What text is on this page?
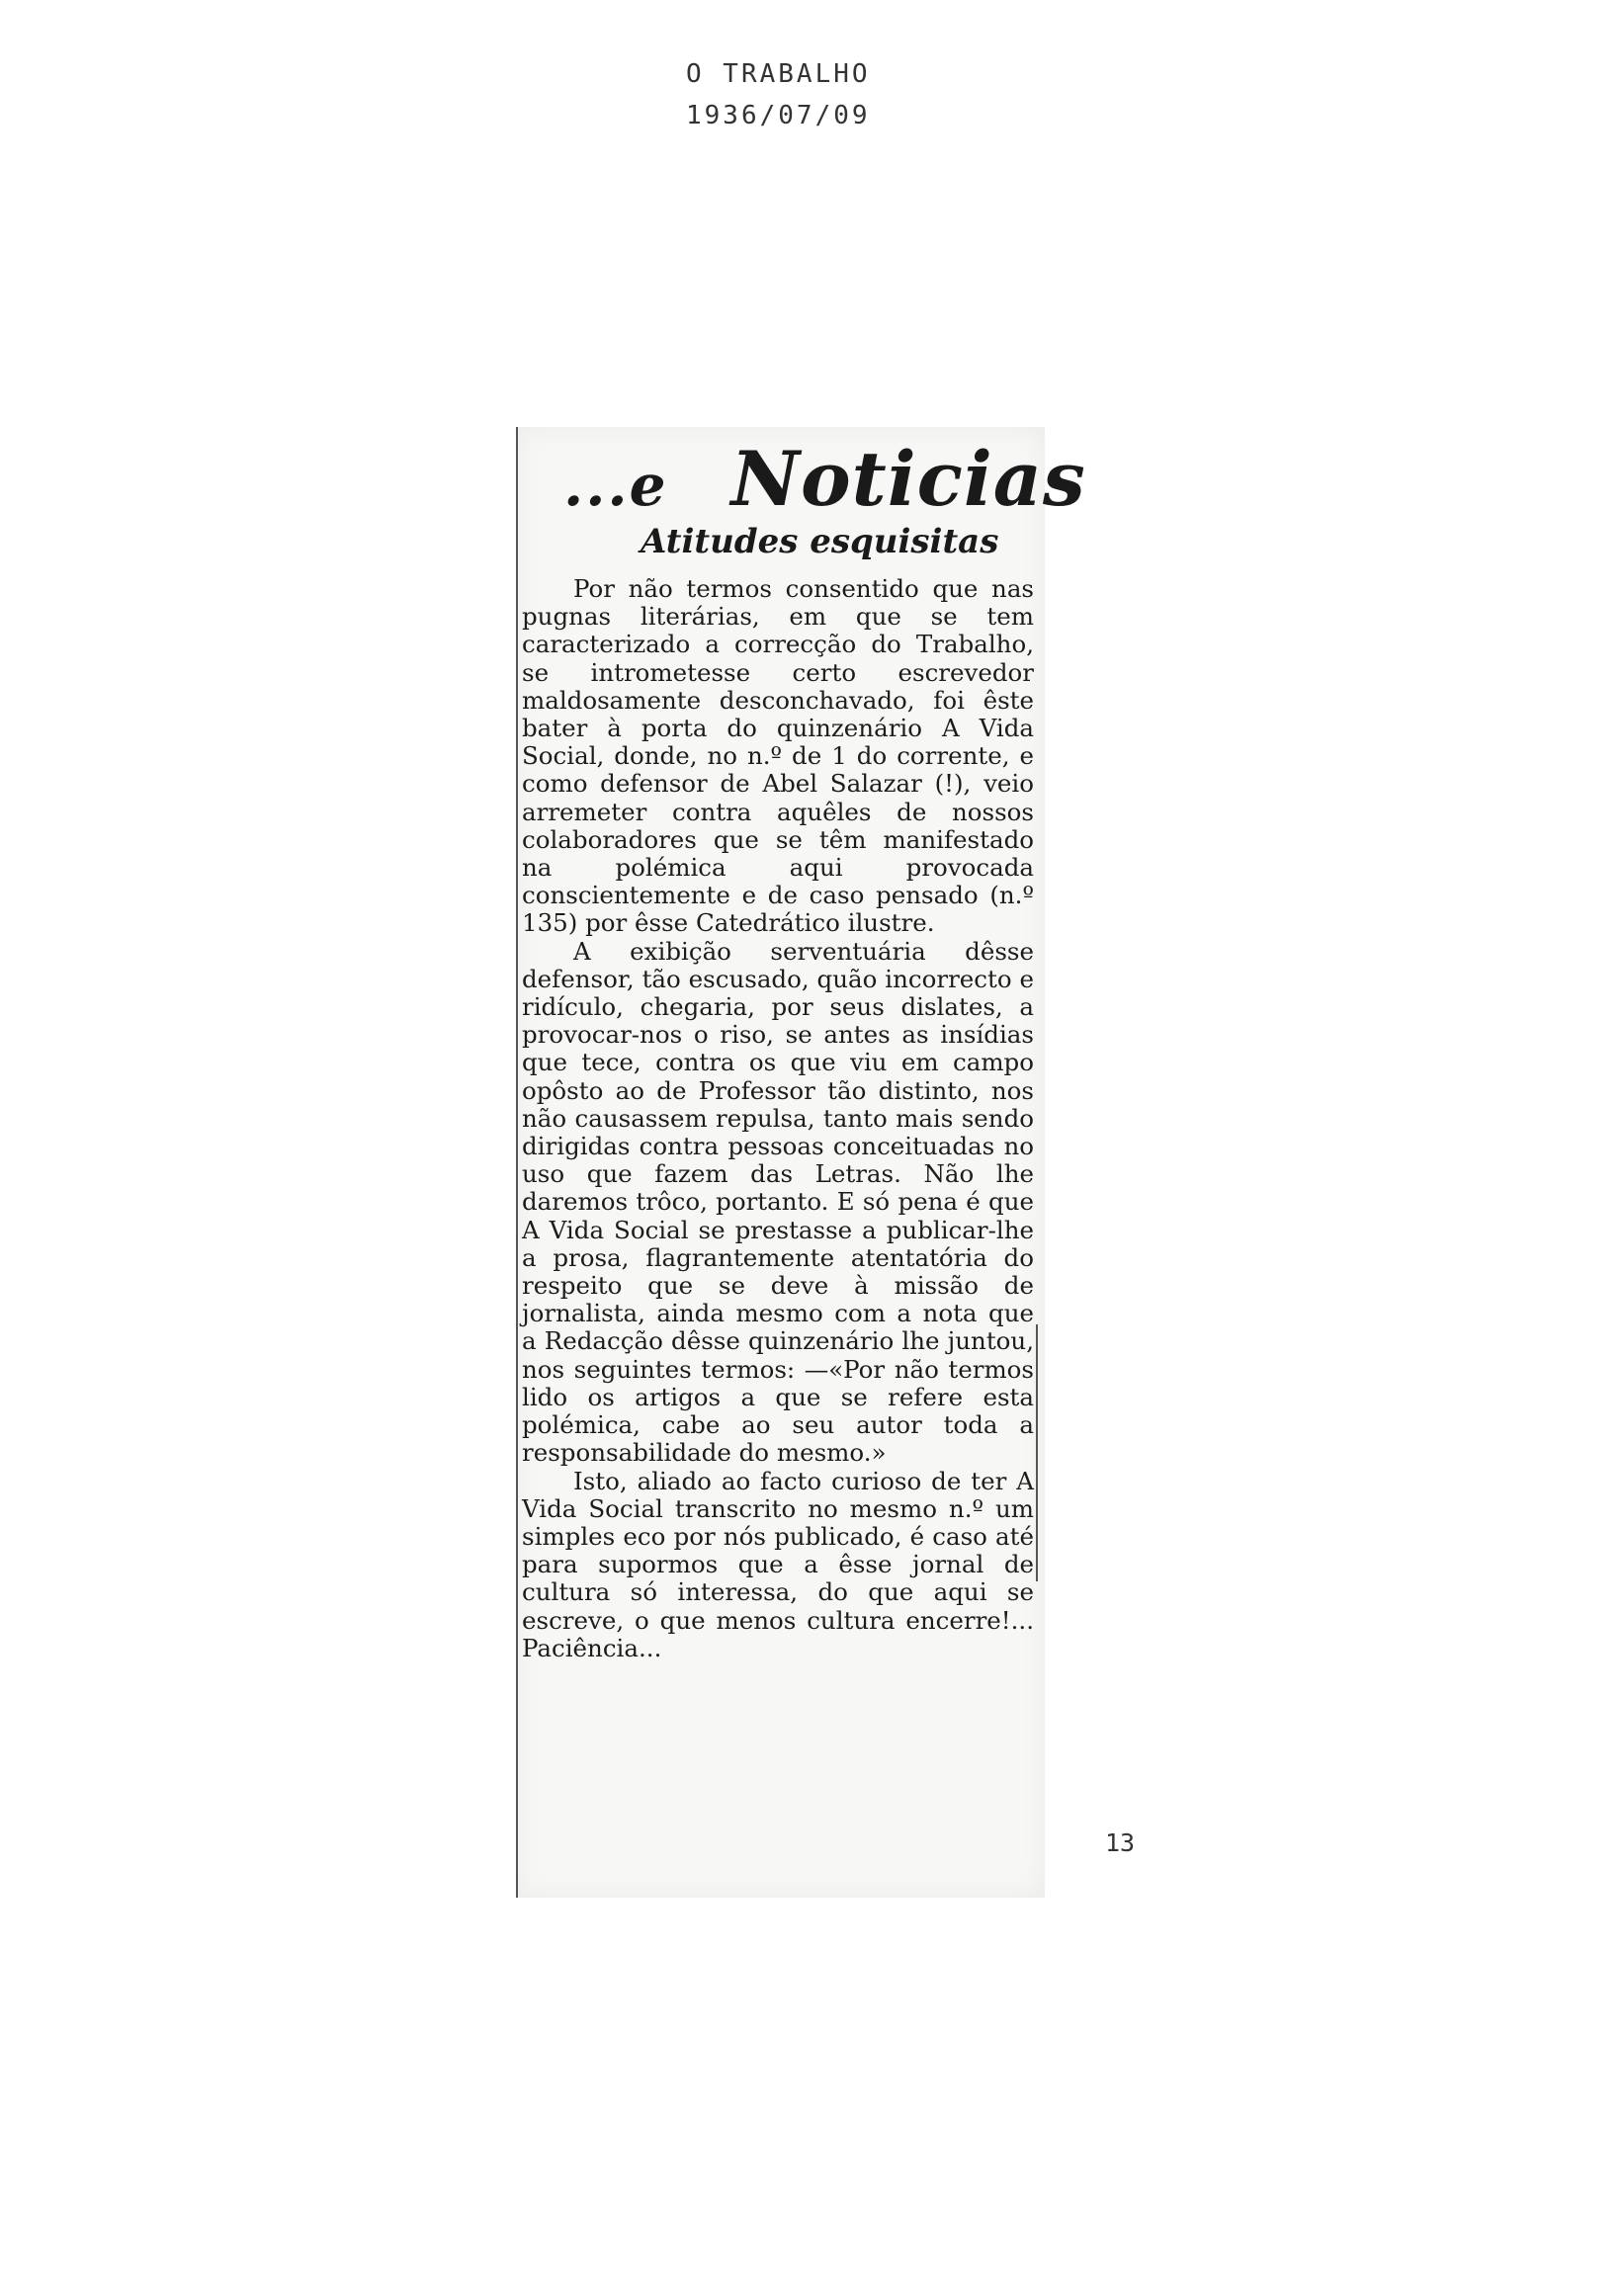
O TRABALHO
1936/07/09
...e Noticias
Atitudes esquisitas

Por não termos consentido que nas pugnas literárias, em que se tem caracterizado a correcção do Trabalho, se intrometesse certo escrevedor maldosamente desconchavado, foi êste bater à porta do quinzenário A Vida Social, donde, no n.º de 1 do corrente, e como defensor de Abel Salazar (!), veio arremeter contra aquêles de nossos colaboradores que se têm manifestado na polémica aqui provocada conscientemente e de caso pensado (n.º 135) por êsse Catedrático ilustre.

A exibição serventuária dêsse defensor, tão escusado, quão incorrecto e ridículo, chegaria, por seus dislates, a provocar-nos o riso, se antes as insídias que tece, contra os que viu em campo opôsto ao de Professor tão distinto, nos não causassem repulsa, tanto mais sendo dirigidas contra pessoas conceituadas no uso que fazem das Letras. Não lhe daremos trôco, portanto. E só pena é que A Vida Social se prestasse a publicar-lhe a prosa, flagrantemente atentatória do respeito que se deve à missão de jornalista, ainda mesmo com a nota que a Redacção dêsse quinzenário lhe juntou, nos seguintes termos: —«Por não termos lido os artigos a que se refere esta polémica, cabe ao seu autor toda a responsabilidade do mesmo.»

Isto, aliado ao facto curioso de ter A Vida Social transcrito no mesmo n.º um simples eco por nós publicado, é caso até para supormos que a êsse jornal de cultura só interessa, do que aqui se escreve, o que menos cultura encerre!... Paciência...

13
